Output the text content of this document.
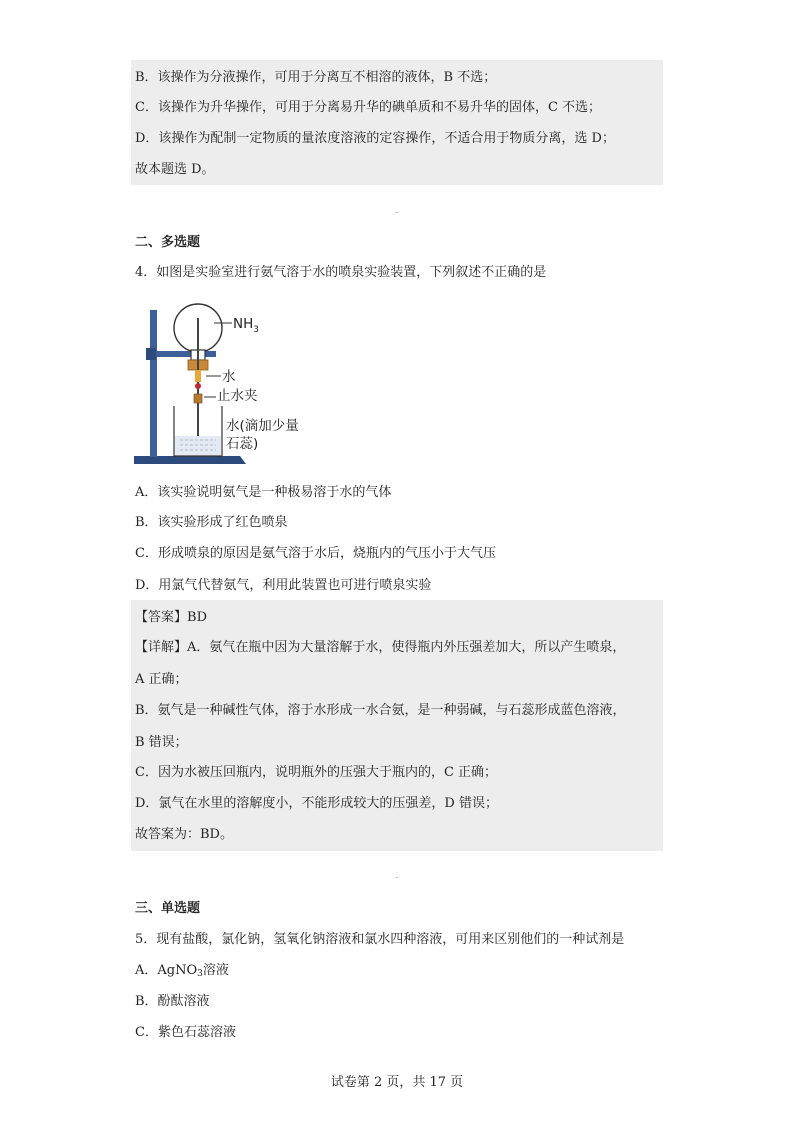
B．该操作为分液操作，可用于分离互不相溶的液体，B 不选；
C．该操作为升华操作，可用于分离易升华的碘单质和不易升华的固体，C 不选；
D．该操作为配制一定物质的量浓度溶液的定容操作，不适合用于物质分离，选 D；
故本题选 D。
二、多选题
4．如图是实验室进行氨气溶于水的喷泉实验装置，下列叙述不正确的是
$NH_3$
水
止水夹
水(滴加少量
石蕊)
A．该实验说明氨气是一种极易溶于水的气体
B．该实验形成了红色喷泉
C．形成喷泉的原因是氨气溶于水后，烧瓶内的气压小于大气压
D．用氯气代替氨气，利用此装置也可进行喷泉实验
【答案】BD
【详解】A．氨气在瓶中因为大量溶解于水，使得瓶内外压强差加大，所以产生喷泉，
A 正确；
B．氨气是一种碱性气体，溶于水形成一水合氨，是一种弱碱，与石蕊形成蓝色溶液，
B 错误；
C．因为水被压回瓶内，说明瓶外的压强大于瓶内的，C 正确；
D．氯气在水里的溶解度小，不能形成较大的压强差，D 错误；
故答案为：BD。
三、单选题
5．现有盐酸，氯化钠，氢氧化钠溶液和氯水四种溶液，可用来区别他们的一种试剂是
A．AgNO$_3$溶液
B．酚酞溶液
C．紫色石蕊溶液
试卷第 2 页，共 17 页
